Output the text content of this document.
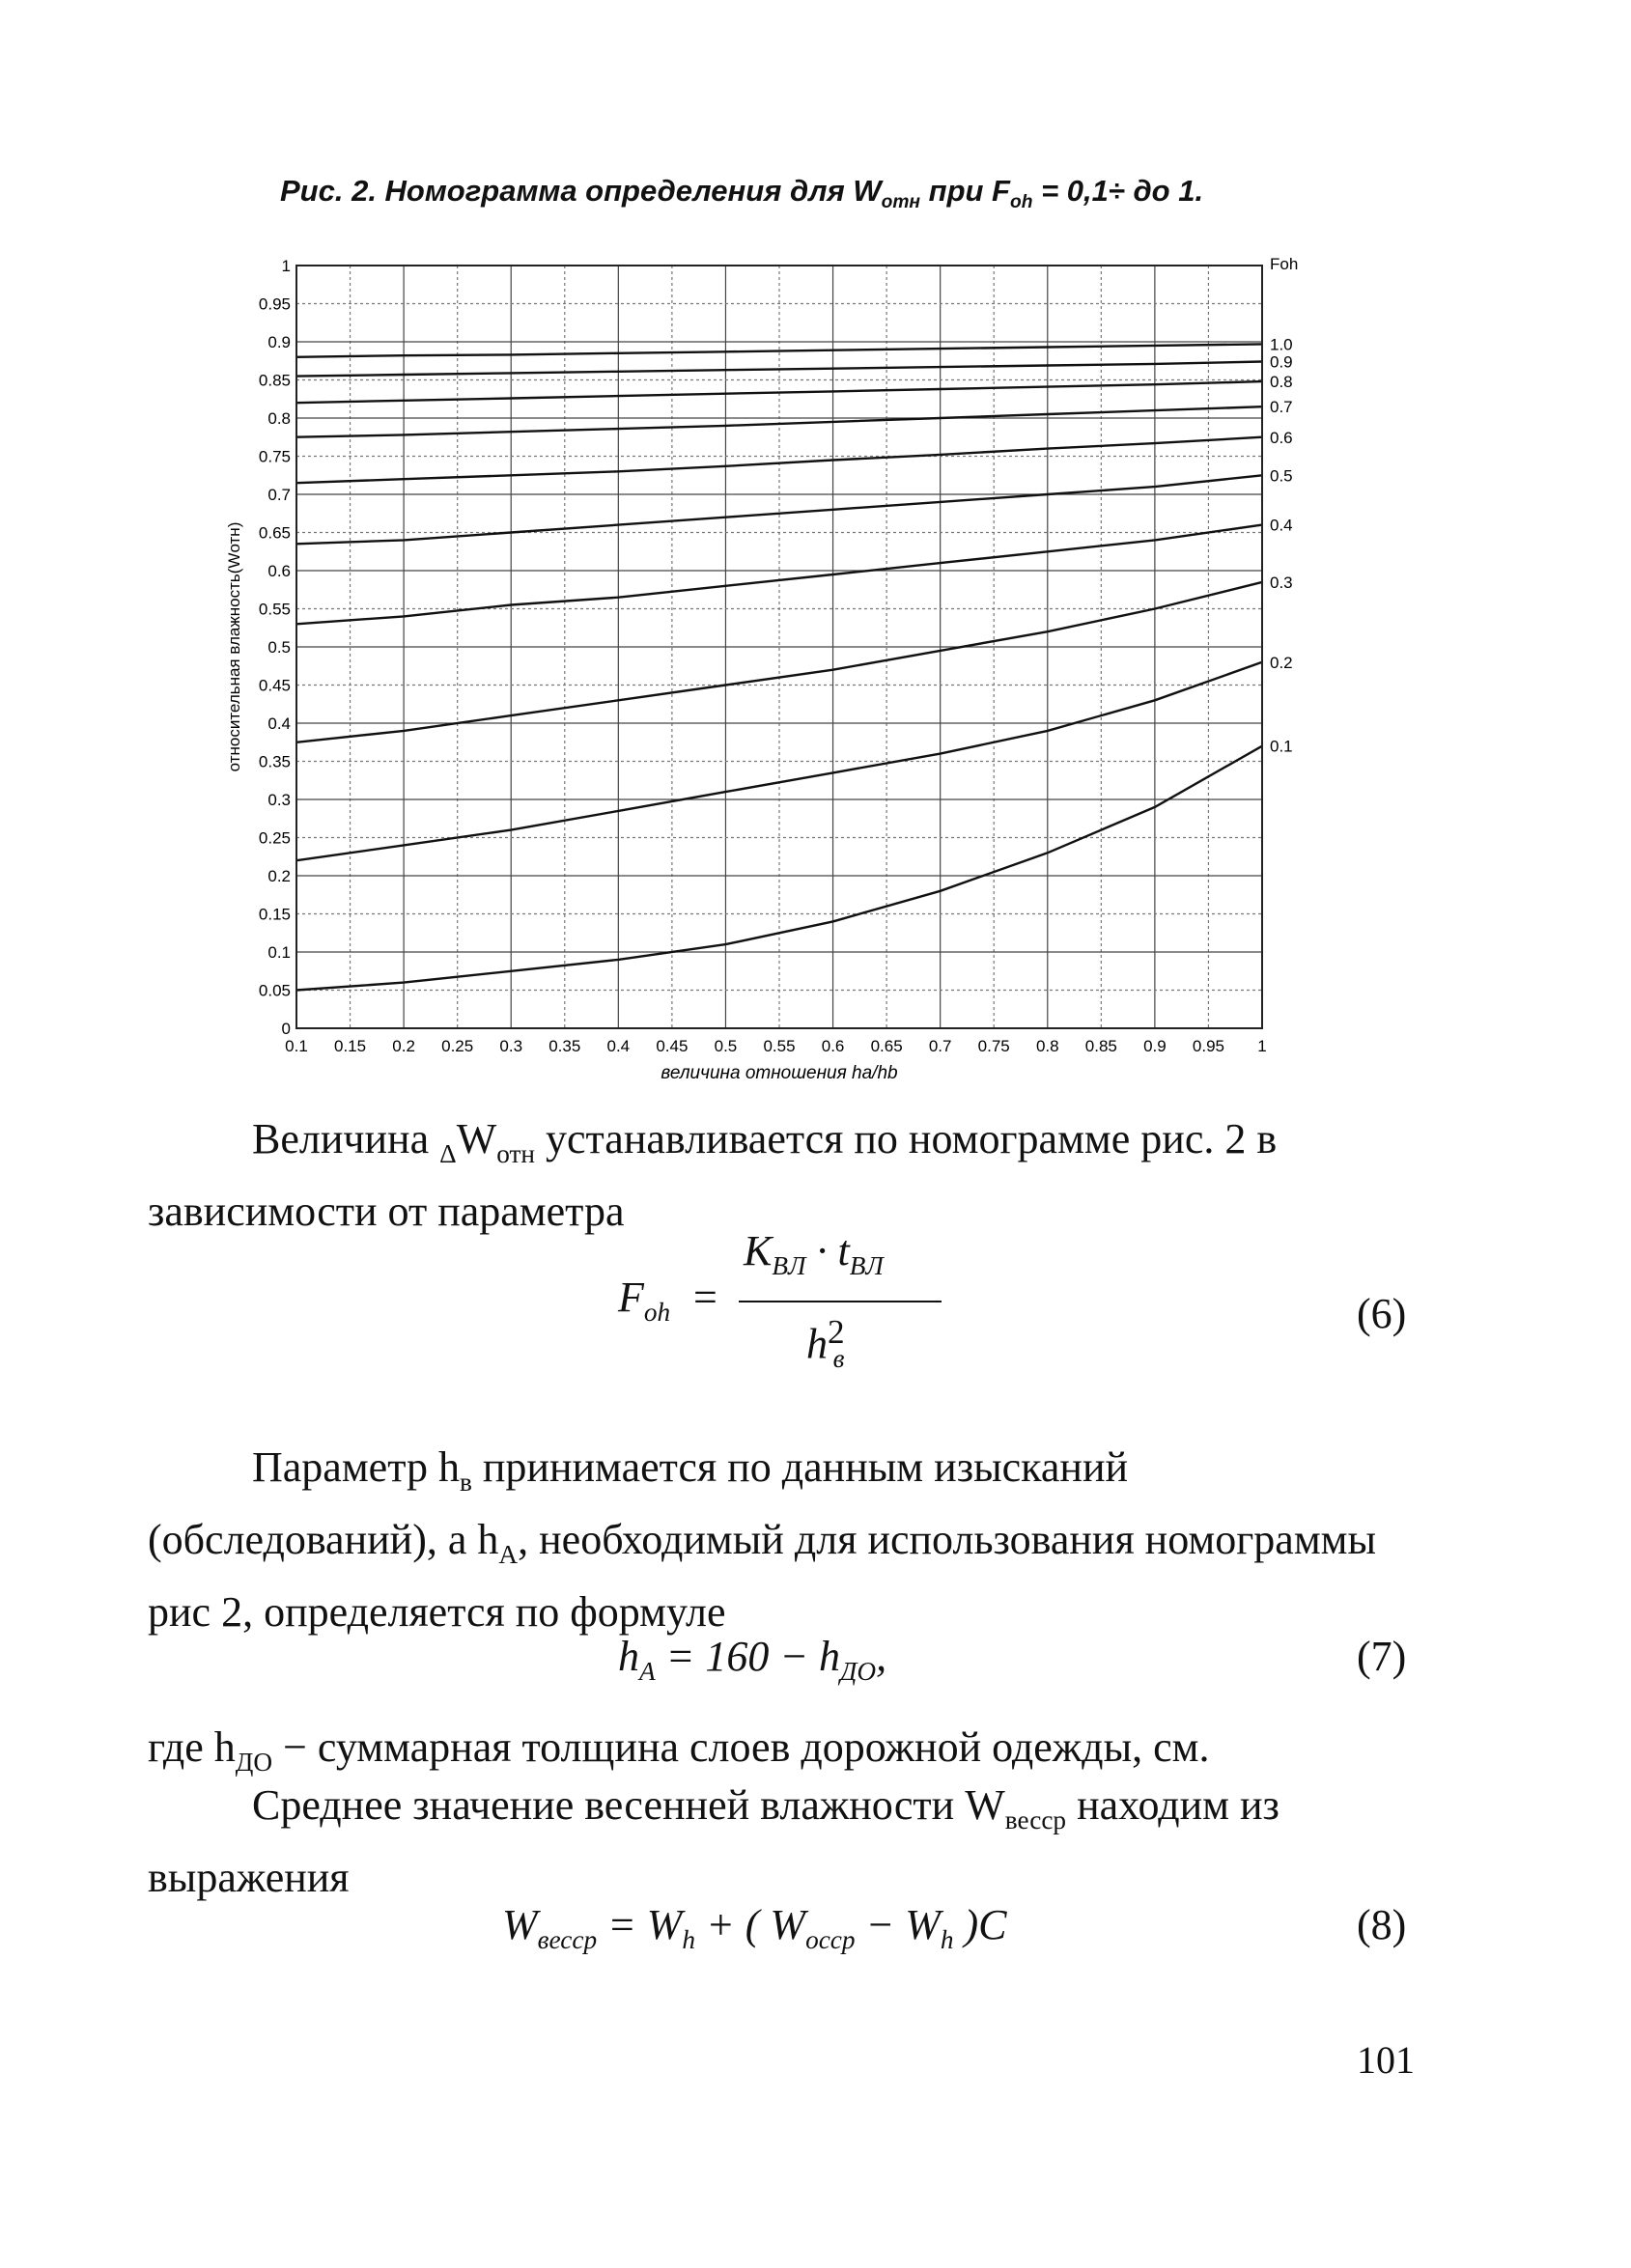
Рис. 2. Номограмма определения для $W_{отн}$ при $F_{oh} = 0,1\div$ до 1.
0.1 0.15 0.2 0.25 0.3 0.35 0.4 0.45 0.5 0.55 0.6 0.65 0.7 0.75 0.8 0.85 0.9 0.95 1
0
0.05
0.1
0.15
0.2
0.25
0.3
0.35
0.4
0.45
0.5
0.55
0.6
0.65
0.7
0.75
0.8
0.85
0.9
0.95
1
0.1
0.2
0.3
0.4
0.5
0.6
0.7
0.8
0.9
1.0
Foh
величина отношения ha/hb
относительная влажность(Wотн)
Величина $_\Delta W_{отн}$ устанавливается по номограмме рис. 2 в зависимости от параметра
$F_{oh}$ =
$K_{ВЛ} \cdot t_{ВЛ}$
$h^2_в$
(6)
Параметр $h_в$ принимается по данным изысканий (обследований), а $h_A$, необходимый для использования номограммы рис 2, определяется по формуле
$h_A = 160 - h_{ДО}$,	(7)
где $h_{ДО}$ − суммарная толщина слоев дорожной одежды, см.
Среднее значение весенней влажности $W_{весср}$ находим из выражения
$W_{вессp} = W_h$ + ( $W_{occp} - W_h$ )C	(8)
101
